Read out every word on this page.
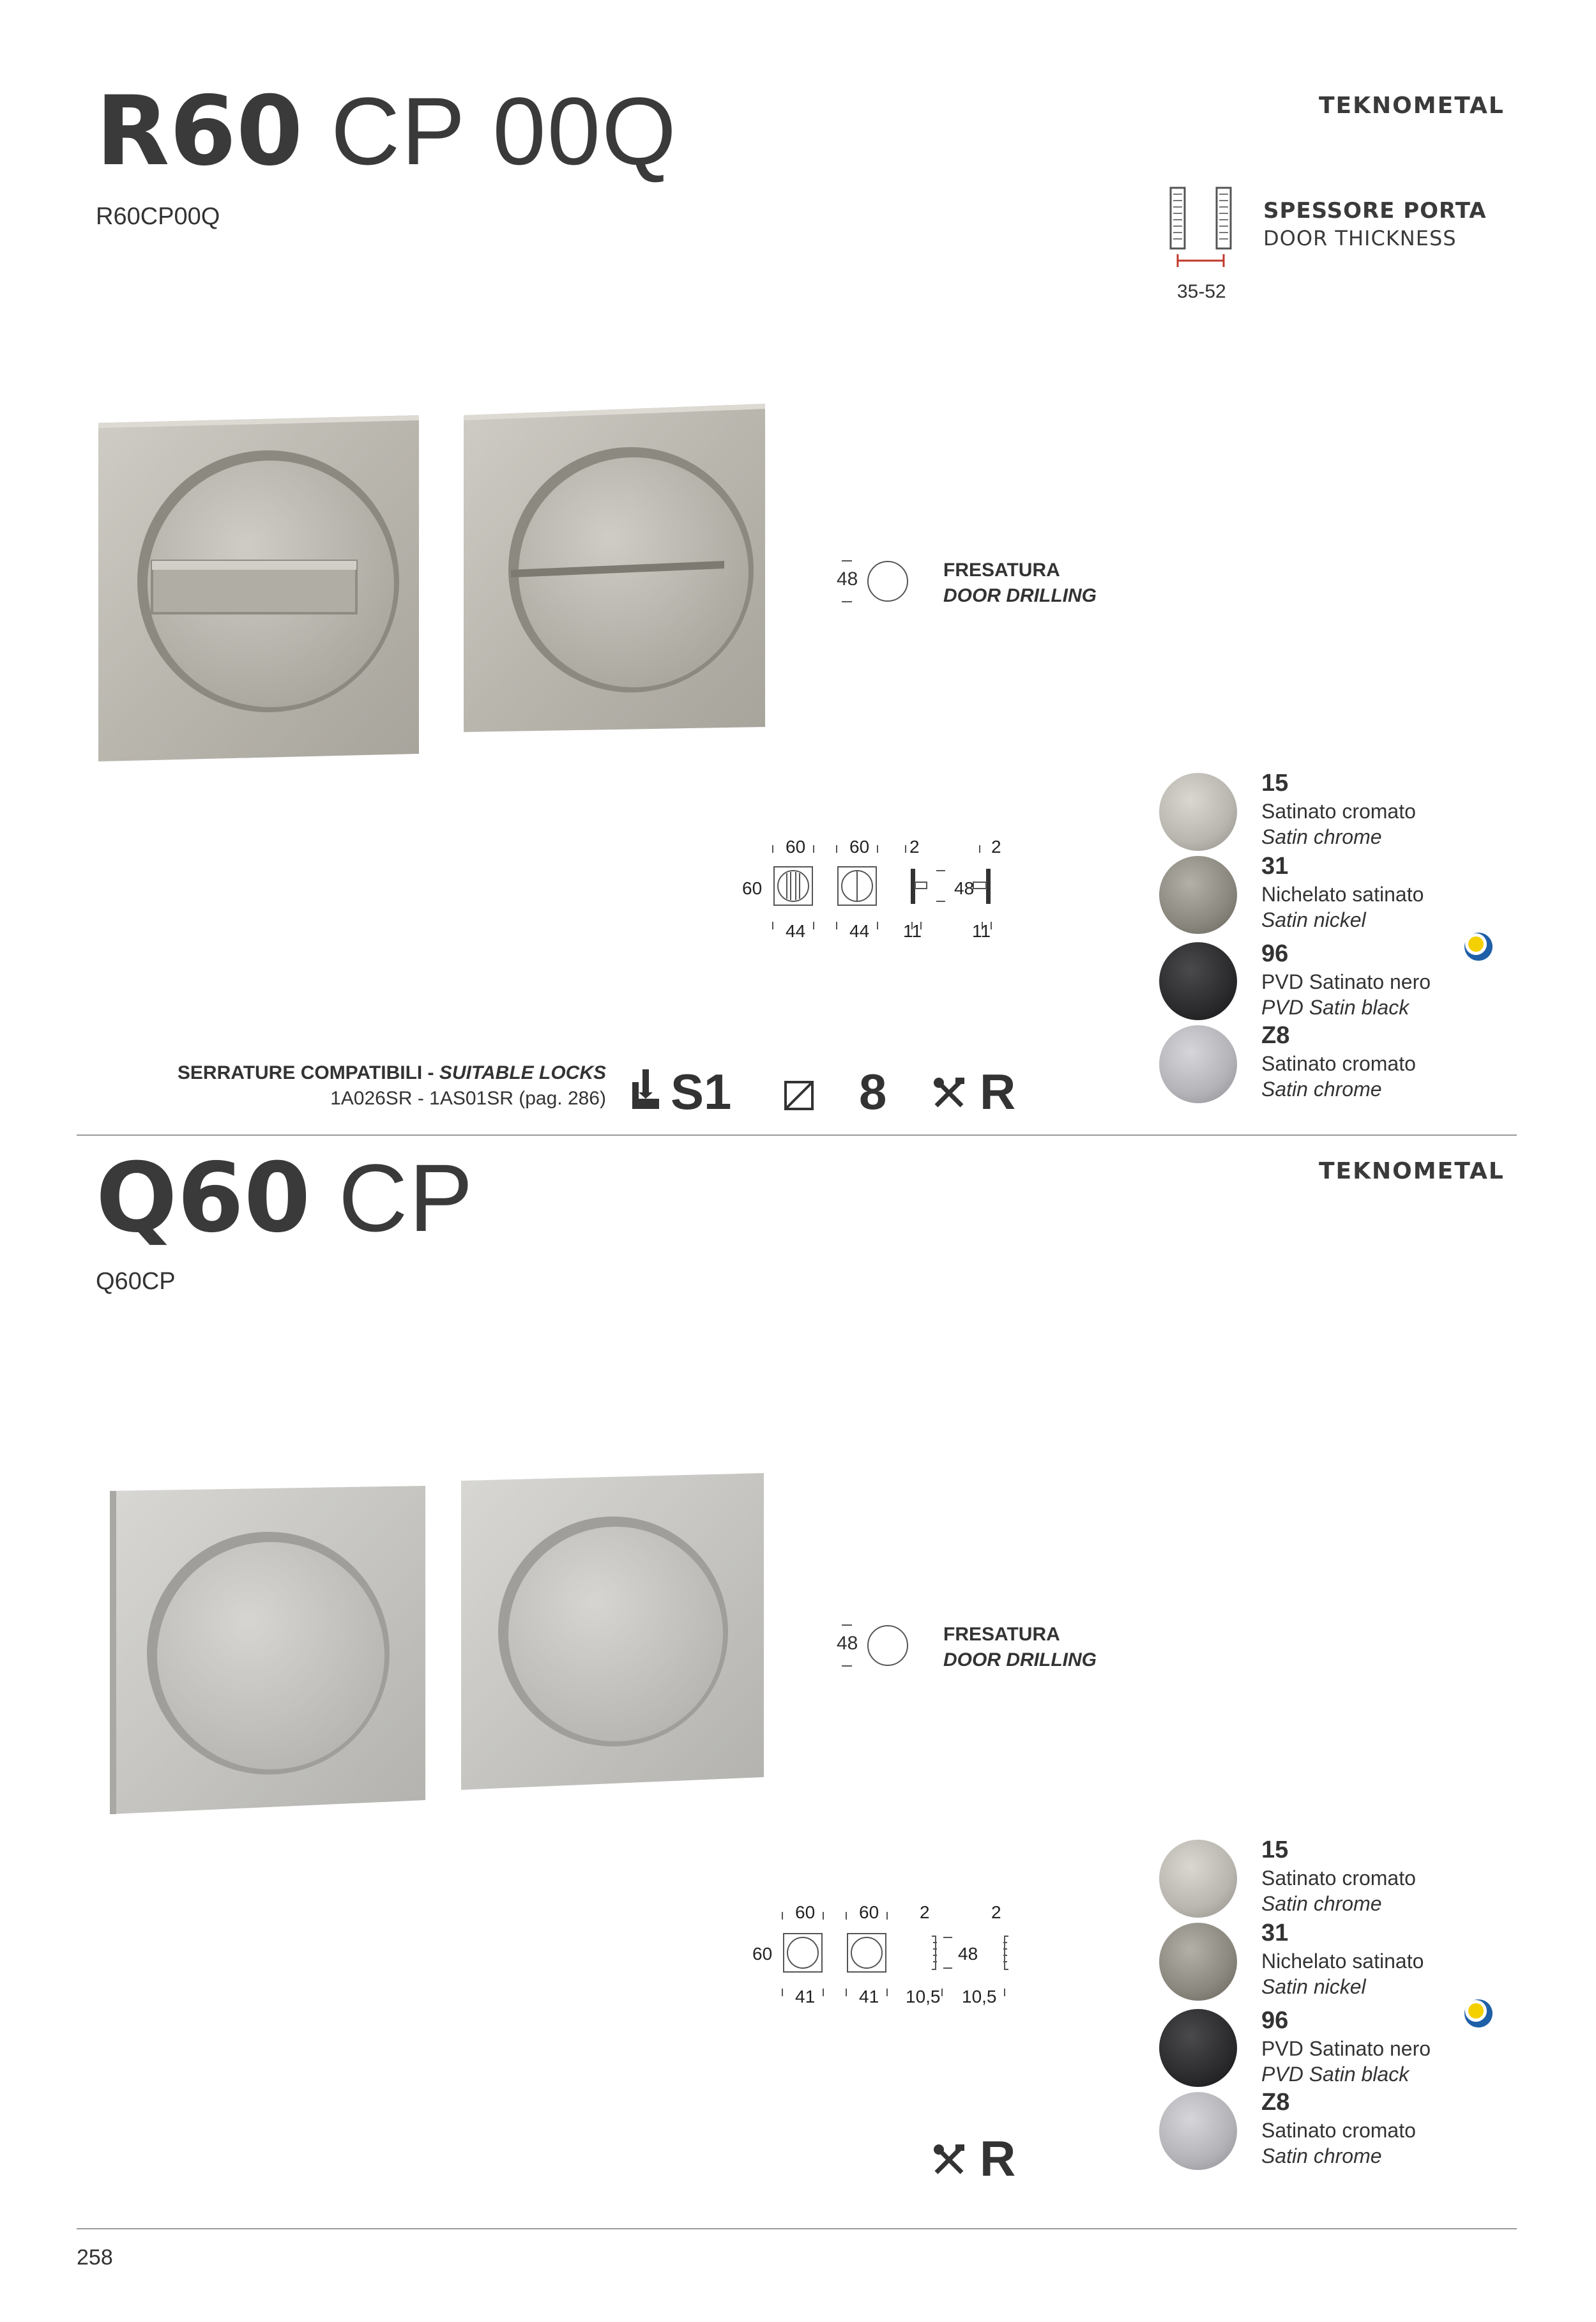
R60 CP 00Q	TEKNOMETAL
R60CP00Q
35-52
SPESSORE PORTA
DOOR THICKNESS
48	FRESATURA
DOOR DRILLING
60 60 2	2
60	48
44 44 11	11
15
Satinato cromato
Satin chrome
31
Nichelato satinato
Satin nickel
96
PVD Satinato nero
PVD Satin black
Z8
Satinato cromato
Satin chrome
SERRATURE COMPATIBILI - SUITABLE LOCKS
1A026SR - 1AS01SR (pag. 286) S1	8 R
Q60 CP	TEKNOMETAL
Q60CP
48	FRESATURA
DOOR DRILLING
60 60 2	2
60	48
41 41 10,5 10,5
15
Satinato cromato
Satin chrome
31
Nichelato satinato
Satin nickel
96
PVD Satinato nero
PVD Satin black
Z8
Satinato cromato
Satin chrome
R
258
